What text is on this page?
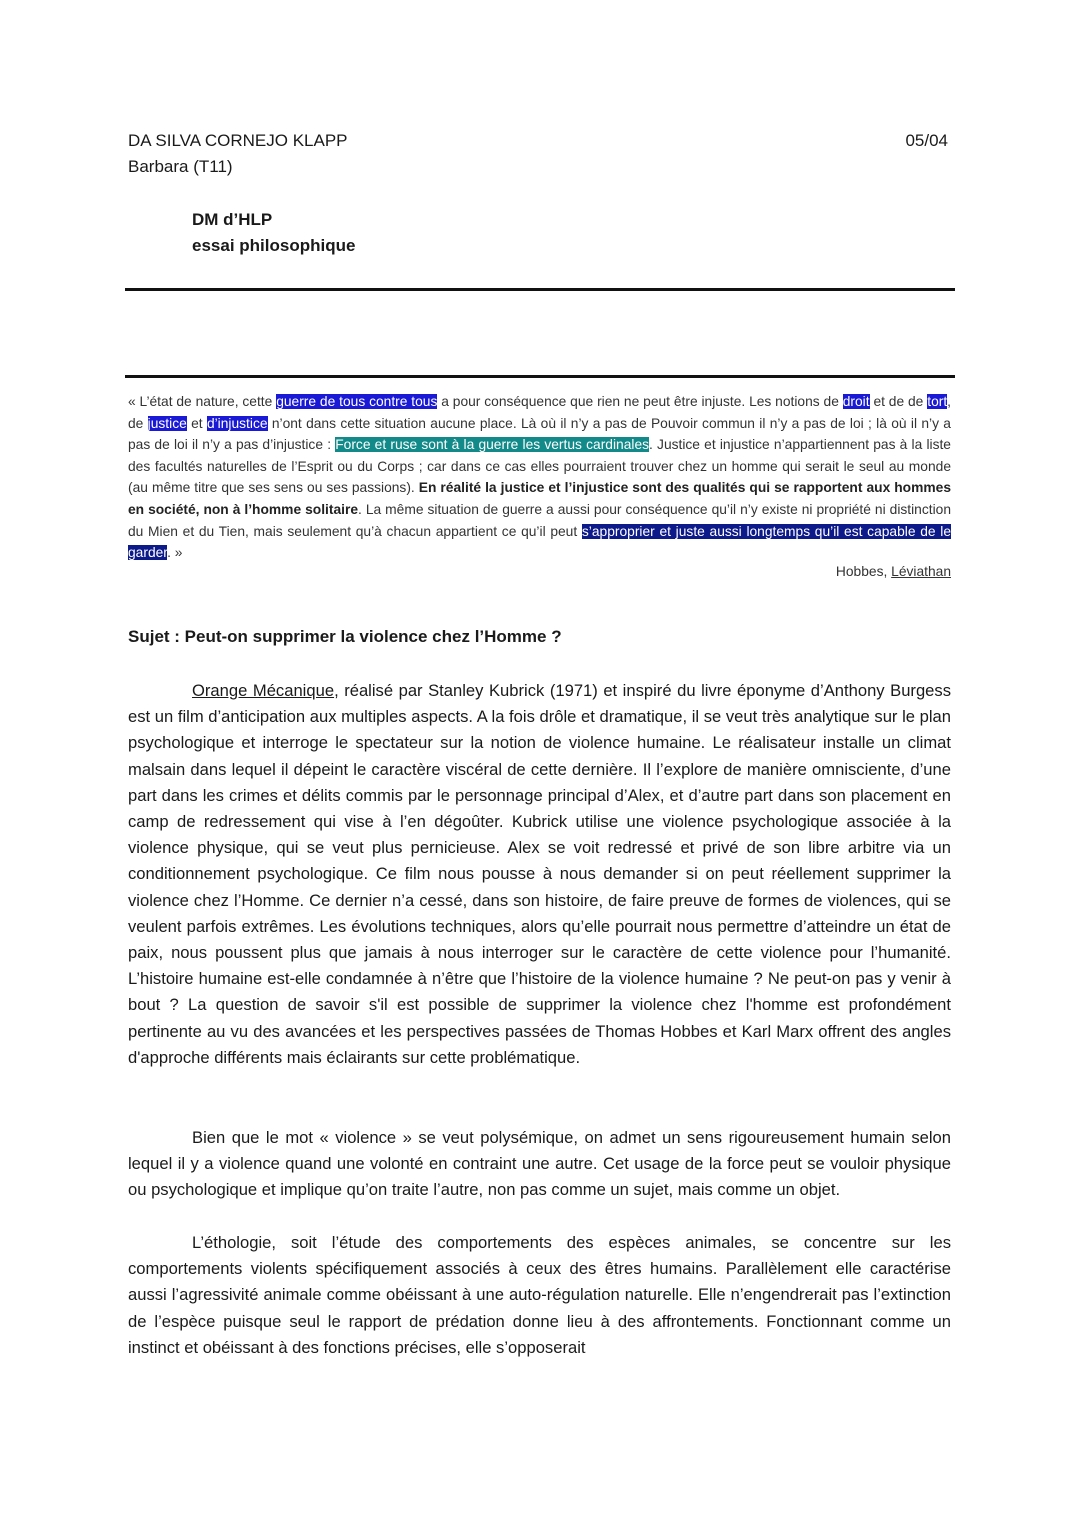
DA SILVA CORNEJO KLAPP
Barbara (T11)
05/04
DM d’HLP
essai philosophique
« L’état de nature, cette guerre de tous contre tous a pour conséquence que rien ne peut être injuste. Les notions de droit et de de tort, de justice et d’injustice n’ont dans cette situation aucune place. Là où il n’y a pas de Pouvoir commun il n’y a pas de loi ; là où il n’y a pas de loi il n’y a pas d’injustice : Force et ruse sont à la guerre les vertus cardinales. Justice et injustice n’appartiennent pas à la liste des facultés naturelles de l’Esprit ou du Corps ; car dans ce cas elles pourraient trouver chez un homme qui serait le seul au monde (au même titre que ses sens ou ses passions). En réalité la justice et l’injustice sont des qualités qui se rapportent aux hommes en société, non à l’homme solitaire. La même situation de guerre a aussi pour conséquence qu’il n’y existe ni propriété ni distinction du Mien et du Tien, mais seulement qu’à chacun appartient ce qu’il peut s’approprier et juste aussi longtemps qu’il est capable de le garder. »
Hobbes, Léviathan
Sujet : Peut-on supprimer la violence chez l’Homme ?

Orange Mécanique, réalisé par Stanley Kubrick (1971) et inspiré du livre éponyme d’Anthony Burgess est un film d’anticipation aux multiples aspects. A la fois drôle et dramatique, il se veut très analytique sur le plan psychologique et interroge le spectateur sur la notion de violence humaine. Le réalisateur installe un climat malsain dans lequel il dépeint le caractère viscéral de cette dernière. Il l’explore de manière omnisciente, d’une part dans les crimes et délits commis par le personnage principal d’Alex, et d’autre part dans son placement en camp de redressement qui vise à l’en dégoûter. Kubrick utilise une violence psychologique associée à la violence physique, qui se veut plus pernicieuse. Alex se voit redressé et privé de son libre arbitre via un conditionnement psychologique. Ce film nous pousse à nous demander si on peut réellement supprimer la violence chez l’Homme. Ce dernier n’a cessé, dans son histoire, de faire preuve de formes de violences, qui se veulent parfois extrêmes. Les évolutions techniques, alors qu’elle pourrait nous permettre d’atteindre un état de paix, nous poussent plus que jamais à nous interroger sur le caractère de cette violence pour l’humanité. L’histoire humaine est-elle condamnée à n’être que l’histoire de la violence humaine ? Ne peut-on pas y venir à bout ? La question de savoir s'il est possible de supprimer la violence chez l'homme est profondément pertinente au vu des avancées et les perspectives passées de Thomas Hobbes et Karl Marx offrent des angles d'approche différents mais éclairants sur cette problématique.

Bien que le mot « violence » se veut polysémique, on admet un sens rigoureusement humain selon lequel il y a violence quand une volonté en contraint une autre. Cet usage de la force peut se vouloir physique ou psychologique et implique qu’on traite l’autre, non pas comme un sujet, mais comme un objet.

L’éthologie, soit l’étude des comportements des espèces animales, se concentre sur les comportements violents spécifiquement associés à ceux des êtres humains. Parallèlement elle caractérise aussi l’agressivité animale comme obéissant à une auto-régulation naturelle. Elle n’engendrerait pas l’extinction de l’espèce puisque seul le rapport de prédation donne lieu à des affrontements. Fonctionnant comme un instinct et obéissant à des fonctions précises, elle s’opposerait
